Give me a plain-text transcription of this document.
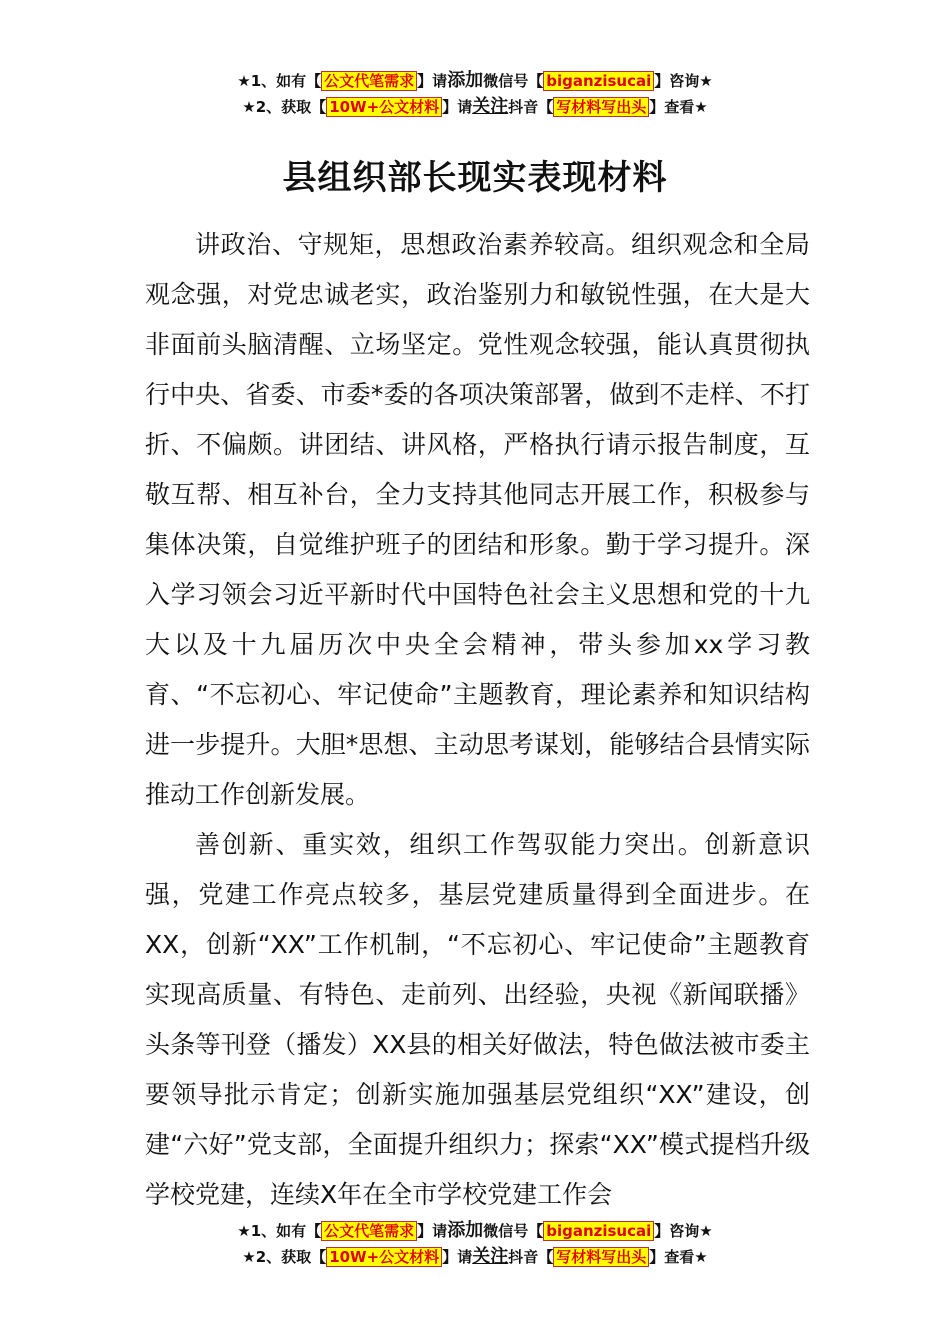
★1、如有【 公文代笔需求 】请添加微信号【 biganzisucai 】咨询★
★2、获取【 10W+公文材料 】请关注抖音【 写材料写出头 】查看★
县组织部长现实表现材料

讲政治、守规矩，思想政治素养较高。组织观念和全局观念强，对党忠诚老实，政治鉴别力和敏锐性强，在大是大非面前头脑清醒、立场坚定。党性观念较强，能认真贯彻执行中央、省委、市委*委的各项决策部署，做到不走样、不打折、不偏颇。讲团结、讲风格，严格执行请示报告制度，互敬互帮、相互补台，全力支持其他同志开展工作，积极参与集体决策，自觉维护班子的团结和形象。勤于学习提升。深入学习领会习近平新时代中国特色社会主义思想和党的十九大以及十九届历次中央全会精神，带头参加xx学习教育、“不忘初心、牢记使命”主题教育，理论素养和知识结构进一步提升。大胆*思想、主动思考谋划，能够结合县情实际推动工作创新发展。

善创新、重实效，组织工作驾驭能力突出。创新意识强，党建工作亮点较多，基层党建质量得到全面进步。在XX，创新“XX”工作机制，“不忘初心、牢记使命”主题教育实现高质量、有特色、走前列、出经验，央视《新闻联播》头条等刊登（播发）XX县的相关好做法，特色做法被市委主要领导批示肯定；创新实施加强基层党组织“XX”建设，创建“六好”党支部，全面提升组织力；探索“XX”模式提档升级学校党建，连续X年在全市学校党建工作会

★1、如有【 公文代笔需求 】请添加微信号【 biganzisucai 】咨询★
★2、获取【 10W+公文材料 】请关注抖音【 写材料写出头 】查看★
